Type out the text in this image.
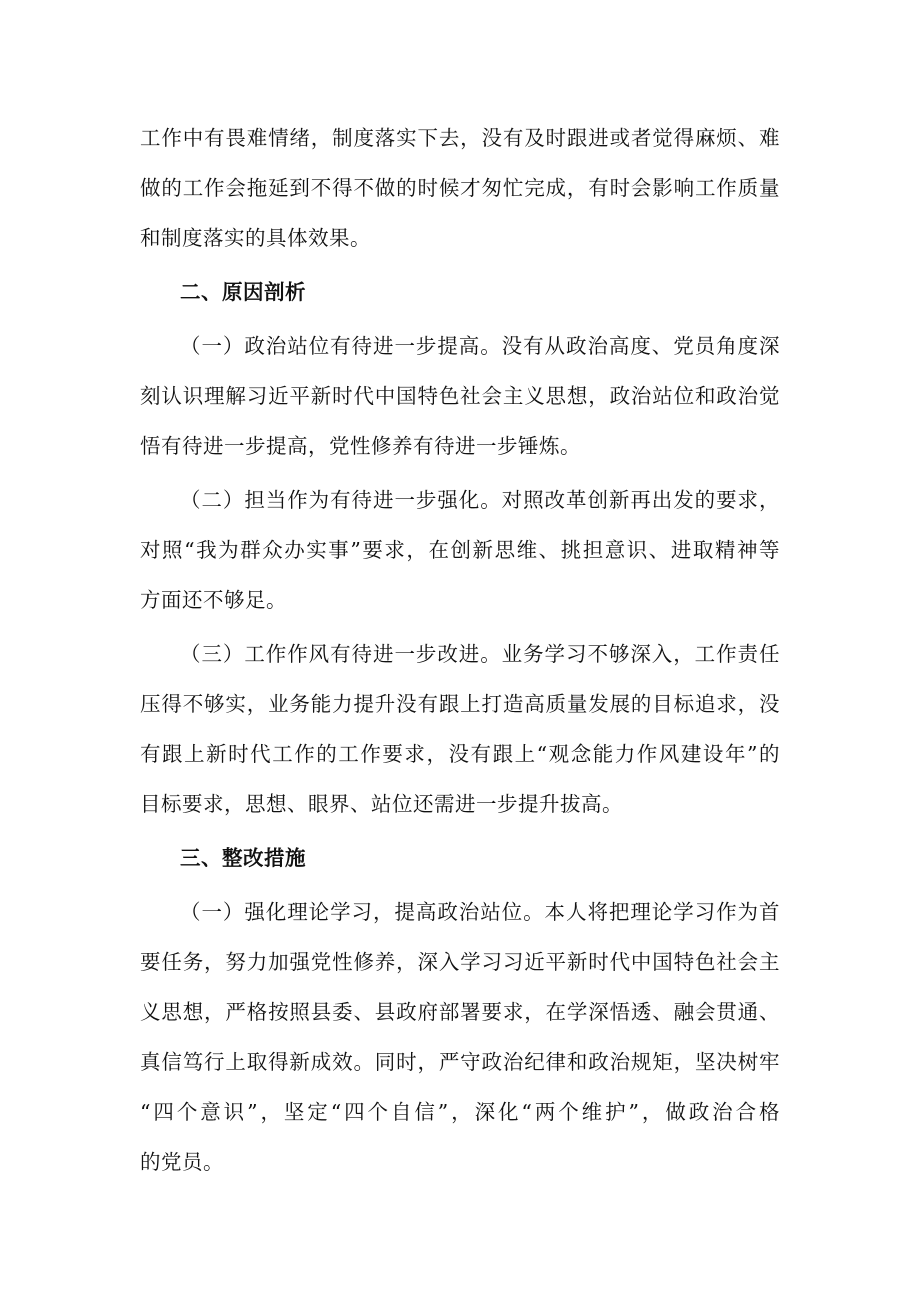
工作中有畏难情绪，制度落实下去，没有及时跟进或者觉得麻烦、难
做的工作会拖延到不得不做的时候才匆忙完成，有时会影响工作质量
和制度落实的具体效果。
二、原因剖析
（一）政治站位有待进一步提高。没有从政治高度、党员角度深
刻认识理解习近平新时代中国特色社会主义思想，政治站位和政治觉
悟有待进一步提高，党性修养有待进一步锤炼。
（二）担当作为有待进一步强化。对照改革创新再出发的要求，
对照“我为群众办实事”要求，在创新思维、挑担意识、进取精神等
方面还不够足。
（三）工作作风有待进一步改进。业务学习不够深入，工作责任
压得不够实，业务能力提升没有跟上打造高质量发展的目标追求，没
有跟上新时代工作的工作要求，没有跟上“观念能力作风建设年”的
目标要求，思想、眼界、站位还需进一步提升拔高。
三、整改措施
（一）强化理论学习，提高政治站位。本人将把理论学习作为首
要任务，努力加强党性修养，深入学习习近平新时代中国特色社会主
义思想，严格按照县委、县政府部署要求，在学深悟透、融会贯通、
真信笃行上取得新成效。同时，严守政治纪律和政治规矩，坚决树牢
“四个意识”，坚定“四个自信”，深化“两个维护”，做政治合格
的党员。
